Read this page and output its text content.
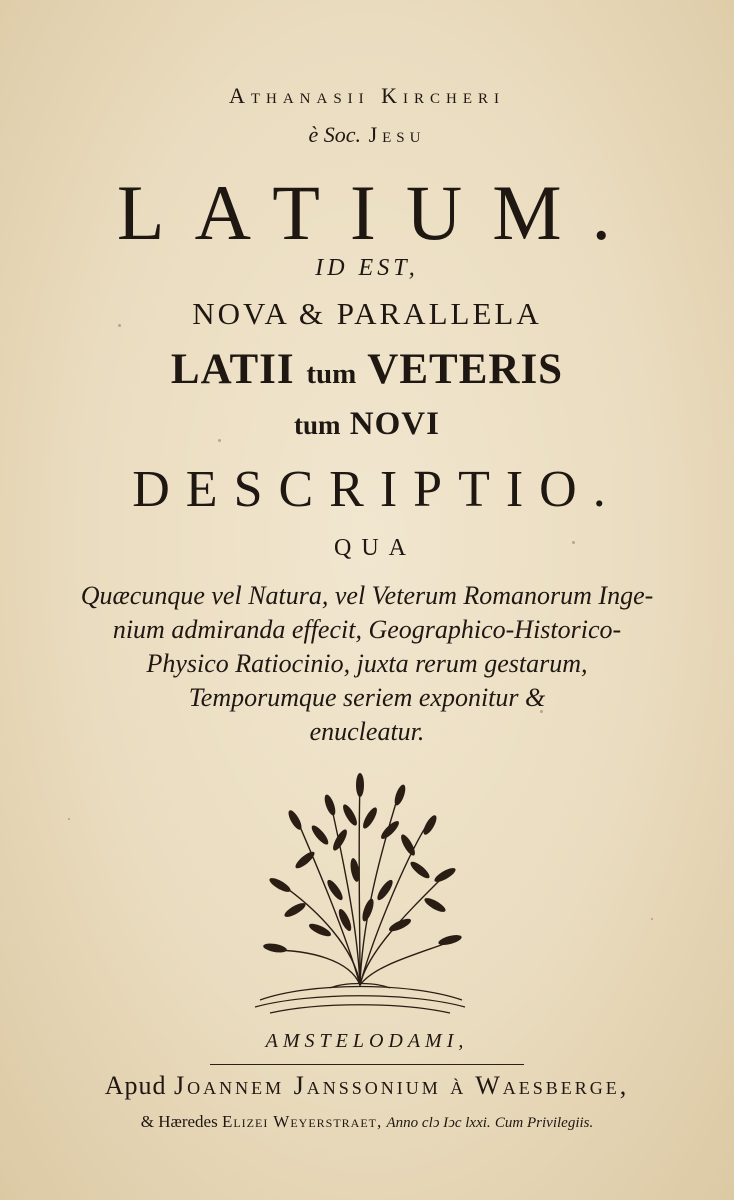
Athanasii Kircheri
è Soc. Jesu
LATIUM.
ID EST,
NOVA & PARALLELA
LATII tum VETERIS
tum NOVI
DESCRIPTIO.
QUA
Quæcunque vel Natura, vel Veterum Romanorum Inge-
nium admiranda effecit, Geographico-Historico-
Physico Ratiocinio, juxta rerum gestarum,
Temporumque seriem exponitur &
enucleatur.
AMSTELODAMI,
Apud Joannem Janssonium à Waesberge,
& Hæredes Elizei Weyerstraet, Anno clↄ Iↄc lxxi. Cum Privilegiis.
